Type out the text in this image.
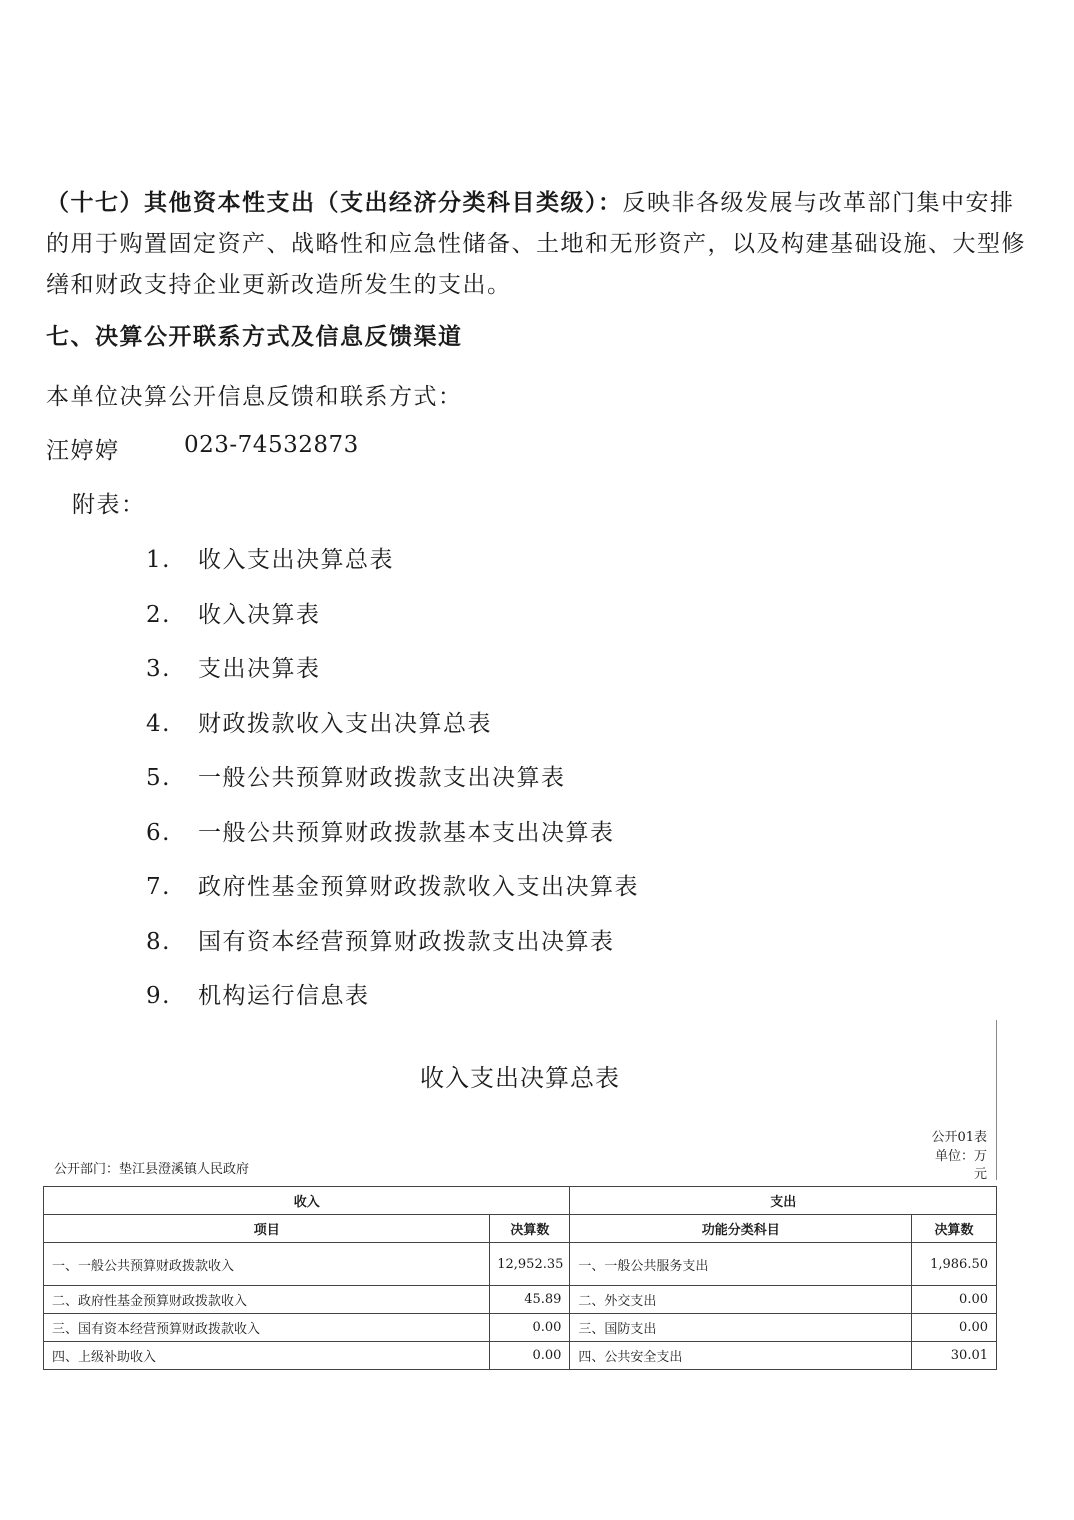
（十七）其他资本性支出（支出经济分类科目类级）：反映非各级发展与改革部门集中安排的用于购置固定资产、战略性和应急性储备、土地和无形资产，以及构建基础设施、大型修缮和财政支持企业更新改造所发生的支出。
七、决算公开联系方式及信息反馈渠道
本单位决算公开信息反馈和联系方式：
汪婷婷	023-74532873
附表：
1. 收入支出决算总表
2. 收入决算表
3. 支出决算表
4. 财政拨款收入支出决算总表
5. 一般公共预算财政拨款支出决算表
6. 一般公共预算财政拨款基本支出决算表
7. 政府性基金预算财政拨款收入支出决算表
8. 国有资本经营预算财政拨款支出决算表
9. 机构运行信息表
收入支出决算总表
公开01表
单位：万元
公开部门：垫江县澄溪镇人民政府
收入		支出	
项目	决算数	功能分类科目	决算数
一、一般公共预算财政拨款收入	12,952.35	一、一般公共服务支出	1,986.50
二、政府性基金预算财政拨款收入	45.89	二、外交支出	0.00
三、国有资本经营预算财政拨款收入	0.00	三、国防支出	0.00
四、上级补助收入	0.00	四、公共安全支出	30.01
